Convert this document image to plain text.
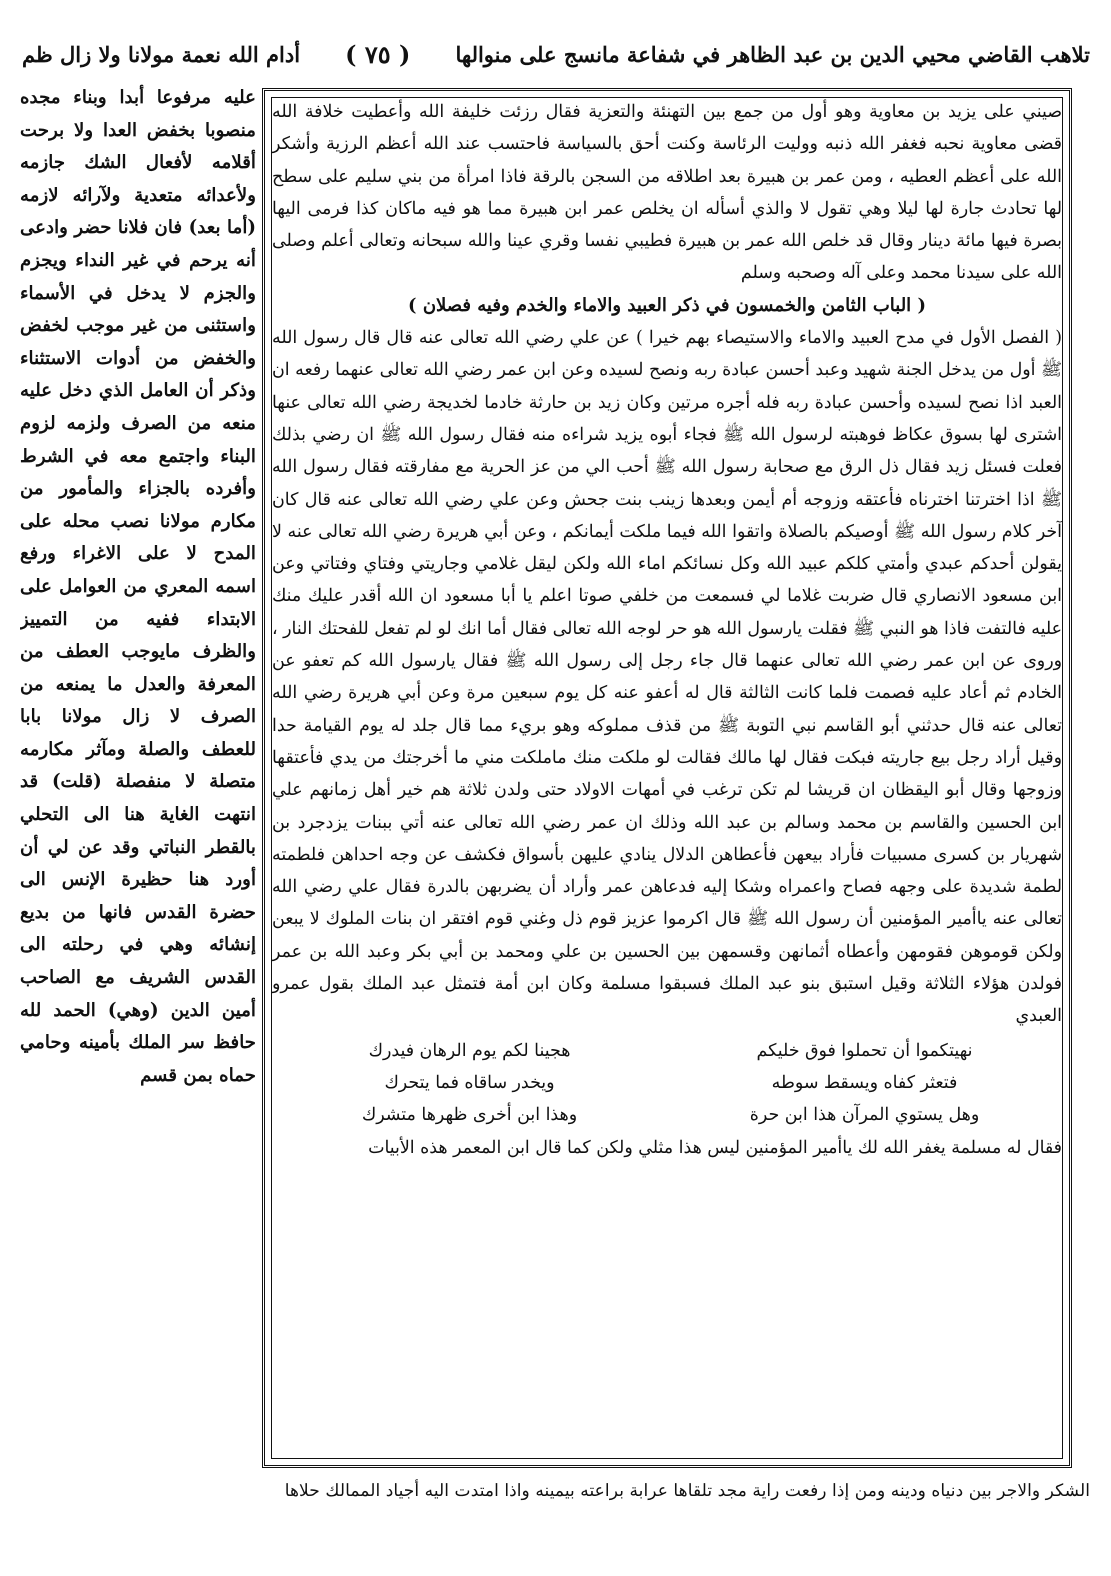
تلاهب القاضي محيي الدين بن عبد الظاهر في شفاعة مانسج على منوالها
( ٧٥ )
أدام الله نعمة مولانا ولا زال ظم

صيني على يزيد بن معاوية وهو أول من جمع بين التهنئة والتعزية فقال رزئت خليفة الله وأعطيت خلافة الله قضى معاوية نحبه فغفر الله ذنبه ووليت الرئاسة وكنت أحق بالسياسة فاحتسب عند الله أعظم الرزية وأشكر الله على أعظم العطيه ، ومن عمر بن هبيرة بعد اطلاقه من السجن بالرقة فاذا امرأة من بني سليم على سطح لها تحادث جارة لها ليلا وهي تقول لا والذي أسأله ان يخلص عمر ابن هبيرة مما هو فيه ماكان كذا فرمى اليها بصرة فيها مائة دينار وقال قد خلص الله عمر بن هبيرة فطيبي نفسا وقري عينا والله سبحانه وتعالى أعلم وصلى الله على سيدنا محمد وعلى آله وصحبه وسلم

( الباب الثامن والخمسون في ذكر العبيد والاماء والخدم وفيه فصلان )

( الفصل الأول في مدح العبيد والاماء والاستيصاء بهم خيرا ) عن علي رضي الله تعالى عنه قال قال رسول الله ﷺ أول من يدخل الجنة شهيد وعبد أحسن عبادة ربه ونصح لسيده وعن ابن عمر رضي الله تعالى عنهما رفعه ان العبد اذا نصح لسيده وأحسن عبادة ربه فله أجره مرتين وكان زيد بن حارثة خادما لخديجة رضي الله تعالى عنها اشترى لها بسوق عكاظ فوهبته لرسول الله ﷺ فجاء أبوه يزيد شراءه منه فقال رسول الله ﷺ ان رضي بذلك فعلت فسئل زيد فقال ذل الرق مع صحابة رسول الله ﷺ أحب الي من عز الحرية مع مفارقته فقال رسول الله ﷺ اذا اخترتنا اخترناه فأعتقه وزوجه أم أيمن وبعدها زينب بنت جحش وعن علي رضي الله تعالى عنه قال كان آخر كلام رسول الله ﷺ أوصيكم بالصلاة واتقوا الله فيما ملكت أيمانكم ، وعن أبي هريرة رضي الله تعالى عنه لا يقولن أحدكم عبدي وأمتي كلكم عبيد الله وكل نسائكم اماء الله ولكن ليقل غلامي وجاريتي وفتاي وفتاتي وعن ابن مسعود الانصاري قال ضربت غلاما لي فسمعت من خلفي صوتا اعلم يا أبا مسعود ان الله أقدر عليك منك عليه فالتفت فاذا هو النبي ﷺ فقلت يارسول الله هو حر لوجه الله تعالى فقال أما انك لو لم تفعل للفحتك النار ، وروى عن ابن عمر رضي الله تعالى عنهما قال جاء رجل إلى رسول الله ﷺ فقال يارسول الله كم تعفو عن الخادم ثم أعاد عليه فصمت فلما كانت الثالثة قال له أعفو عنه كل يوم سبعين مرة وعن أبي هريرة رضي الله تعالى عنه قال حدثني أبو القاسم نبي التوبة ﷺ من قذف مملوكه وهو بريء مما قال جلد له يوم القيامة حدا وقيل أراد رجل بيع جاريته فبكت فقال لها مالك فقالت لو ملكت منك ماملكت مني ما أخرجتك من يدي فأعتقها وزوجها وقال أبو اليقظان ان قريشا لم تكن ترغب في أمهات الاولاد حتى ولدن ثلاثة هم خير أهل زمانهم علي ابن الحسين والقاسم بن محمد وسالم بن عبد الله وذلك ان عمر رضي الله تعالى عنه أتي ببنات يزدجرد بن شهريار بن كسرى مسبيات فأراد بيعهن فأعطاهن الدلال ينادي عليهن بأسواق فكشف عن وجه احداهن فلطمته لطمة شديدة على وجهه فصاح واعمراه وشكا إليه فدعاهن عمر وأراد أن يضربهن بالدرة فقال علي رضي الله تعالى عنه ياأمير المؤمنين أن رسول الله ﷺ قال اكرموا عزيز قوم ذل وغني قوم افتقر ان بنات الملوك لا يبعن ولكن قوموهن فقومهن وأعطاه أثمانهن وقسمهن بين الحسين بن علي ومحمد بن أبي بكر وعبد الله بن عمر فولدن هؤلاء الثلاثة وقيل استبق بنو عبد الملك فسبقوا مسلمة وكان ابن أمة فتمثل عبد الملك بقول عمرو العبدي

نهيتكموا أن تحملوا فوق خليكم
هجينا لكم يوم الرهان فيدرك
فتعثر كفاه ويسقط سوطه
ويخدر ساقاه فما يتحرك
وهل يستوي المرآن هذا ابن حرة
وهذا ابن أخرى ظهرها متشرك

فقال له مسلمة يغفر الله لك ياأمير المؤمنين ليس هذا مثلي ولكن كما قال ابن المعمر هذه الأبيات

عليه مرفوعا أبدا وبناء مجده منصوبا بخفض العدا ولا برحت أقلامه لأفعال الشك جازمه ولأعدائه متعدية ولآرائه لازمه (أما بعد) فان فلانا حضر وادعى أنه يرحم في غير النداء ويجزم والجزم لا يدخل في الأسماء واستثنى من غير موجب لخفض والخفض من أدوات الاستثناء وذكر أن العامل الذي دخل عليه منعه من الصرف ولزمه لزوم البناء واجتمع معه في الشرط وأفرده بالجزاء والمأمور من مكارم مولانا نصب محله على المدح لا على الاغراء ورفع اسمه المعري من العوامل على الابتداء ففيه من التمييز والظرف مايوجب العطف من المعرفة والعدل ما يمنعه من الصرف لا زال مولانا بابا للعطف والصلة ومآثر مكارمه متصلة لا منفصلة (قلت) قد انتهت الغاية هنا الى التحلي بالقطر النباتي وقد عن لي أن أورد هنا حظيرة الإنس الى حضرة القدس فانها من بديع إنشائه وهي في رحلته الى القدس الشريف مع الصاحب أمين الدين (وهي) الحمد لله حافظ سر الملك بأمينه وحامي حماه بمن قسم
الشكر والاجر بين دنياه ودينه ومن إذا رفعت راية مجد تلقاها عرابة براعته بيمينه واذا امتدت اليه أجياد الممالك حلاها
